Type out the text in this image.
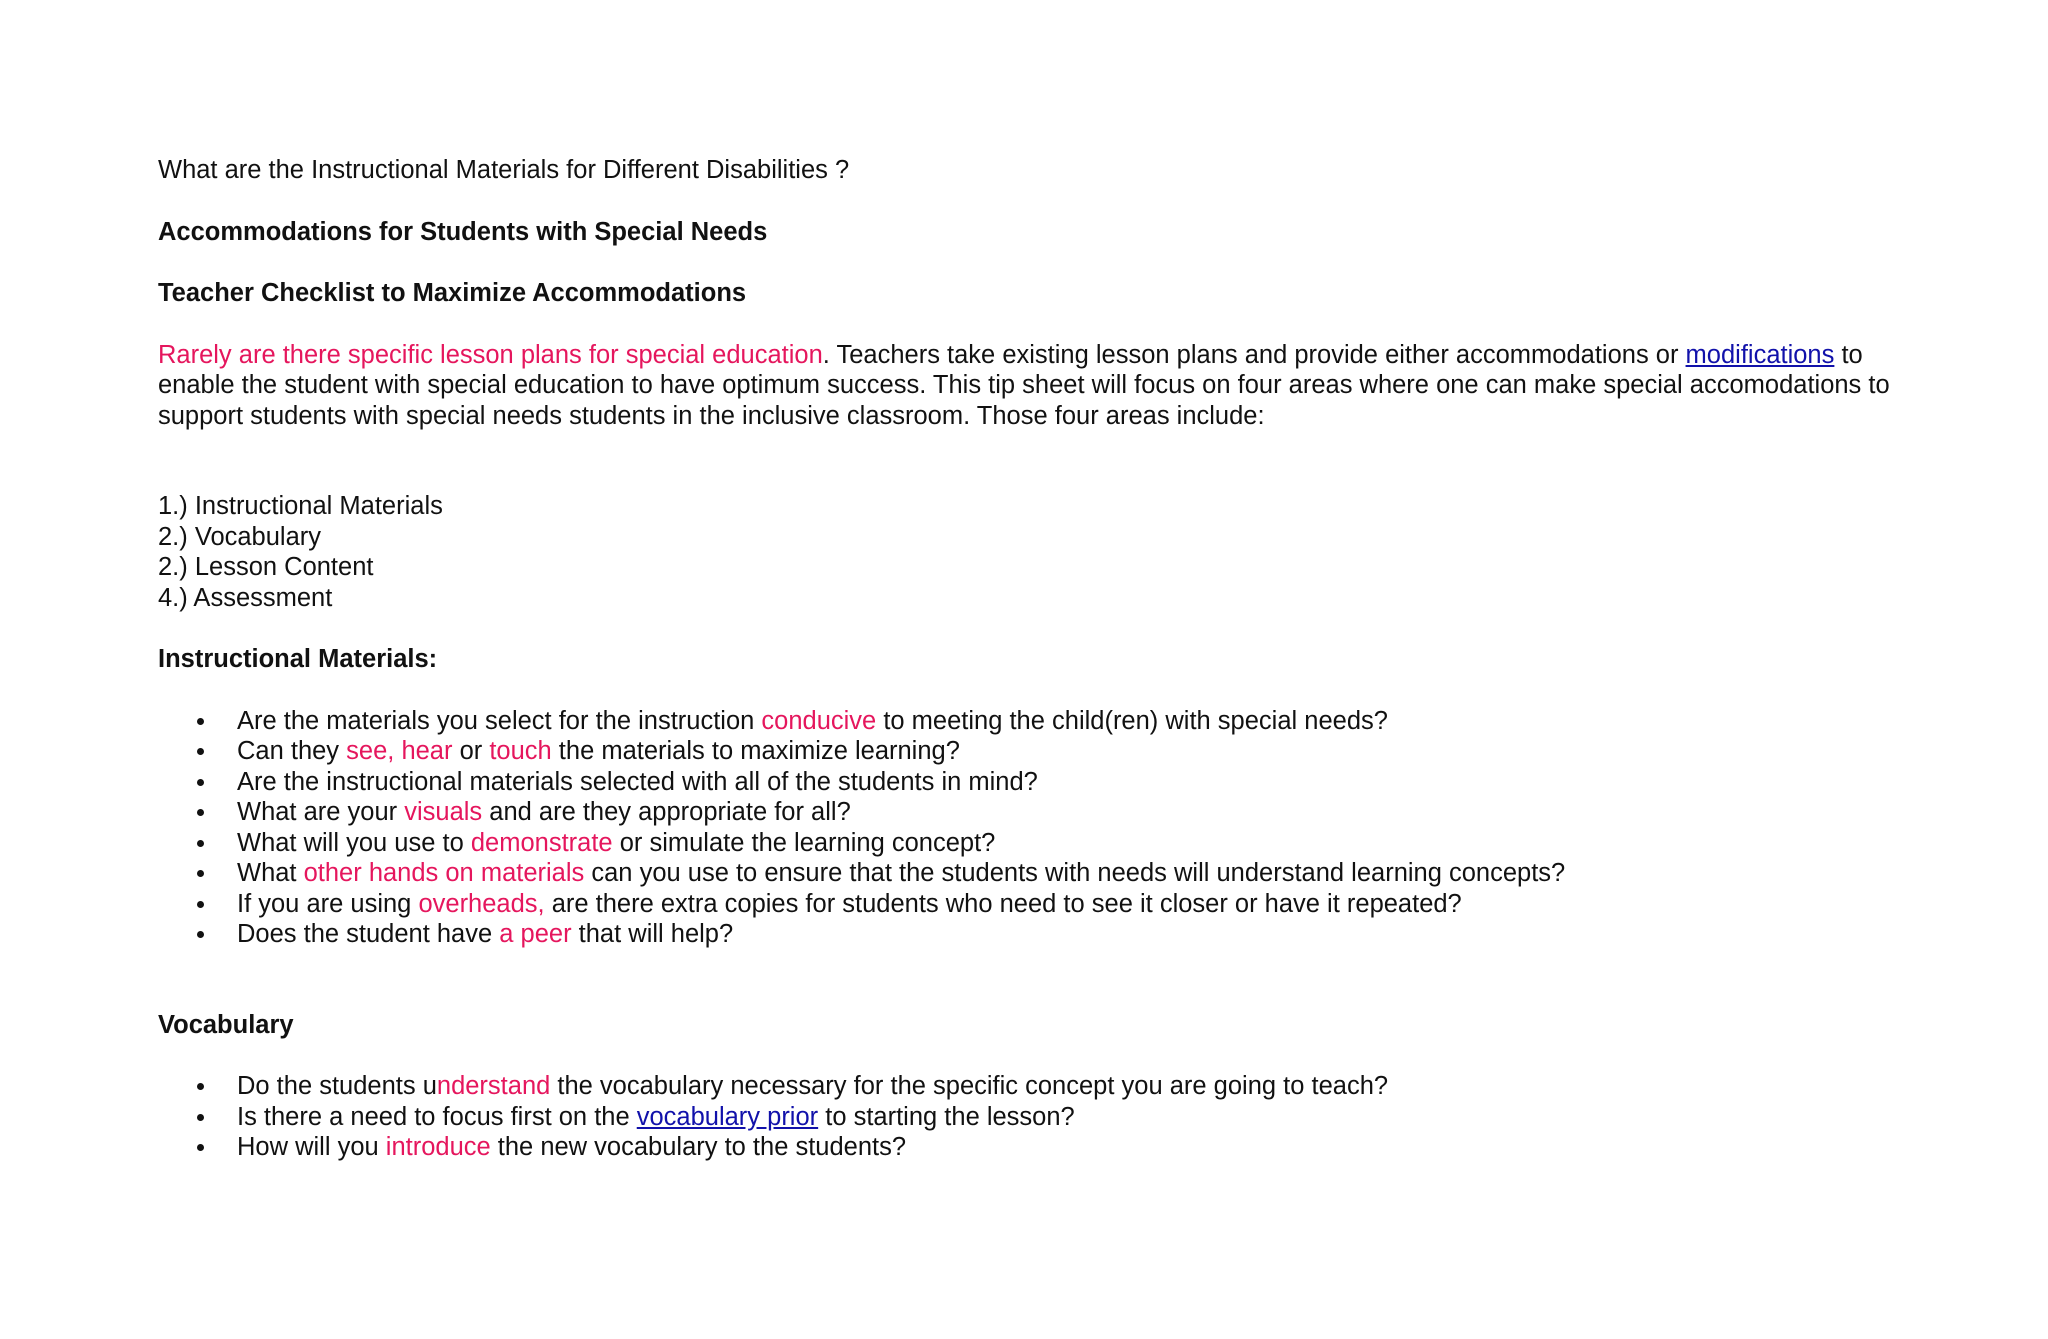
What are the Instructional Materials for Different Disabilities ?

Accommodations for Students with Special Needs

Teacher Checklist to Maximize Accommodations

Rarely are there specific lesson plans for special education. Teachers take existing lesson plans and provide either accommodations or modifications to enable the student with special education to have optimum success. This tip sheet will focus on four areas where one can make special accomodations to support students with special needs students in the inclusive classroom. Those four areas include:

1.) Instructional Materials
2.) Vocabulary
2.) Lesson Content
4.) Assessment

Instructional Materials:

Are the materials you select for the instruction conducive to meeting the child(ren) with special needs?
Can they see, hear or touch the materials to maximize learning?
Are the instructional materials selected with all of the students in mind?
What are your visuals and are they appropriate for all?
What will you use to demonstrate or simulate the learning concept?
What other hands on materials can you use to ensure that the students with needs will understand learning concepts?
If you are using overheads, are there extra copies for students who need to see it closer or have it repeated?
Does the student have a peer that will help?

Vocabulary

Do the students understand the vocabulary necessary for the specific concept you are going to teach?
Is there a need to focus first on the vocabulary prior to starting the lesson?
How will you introduce the new vocabulary to the students?
